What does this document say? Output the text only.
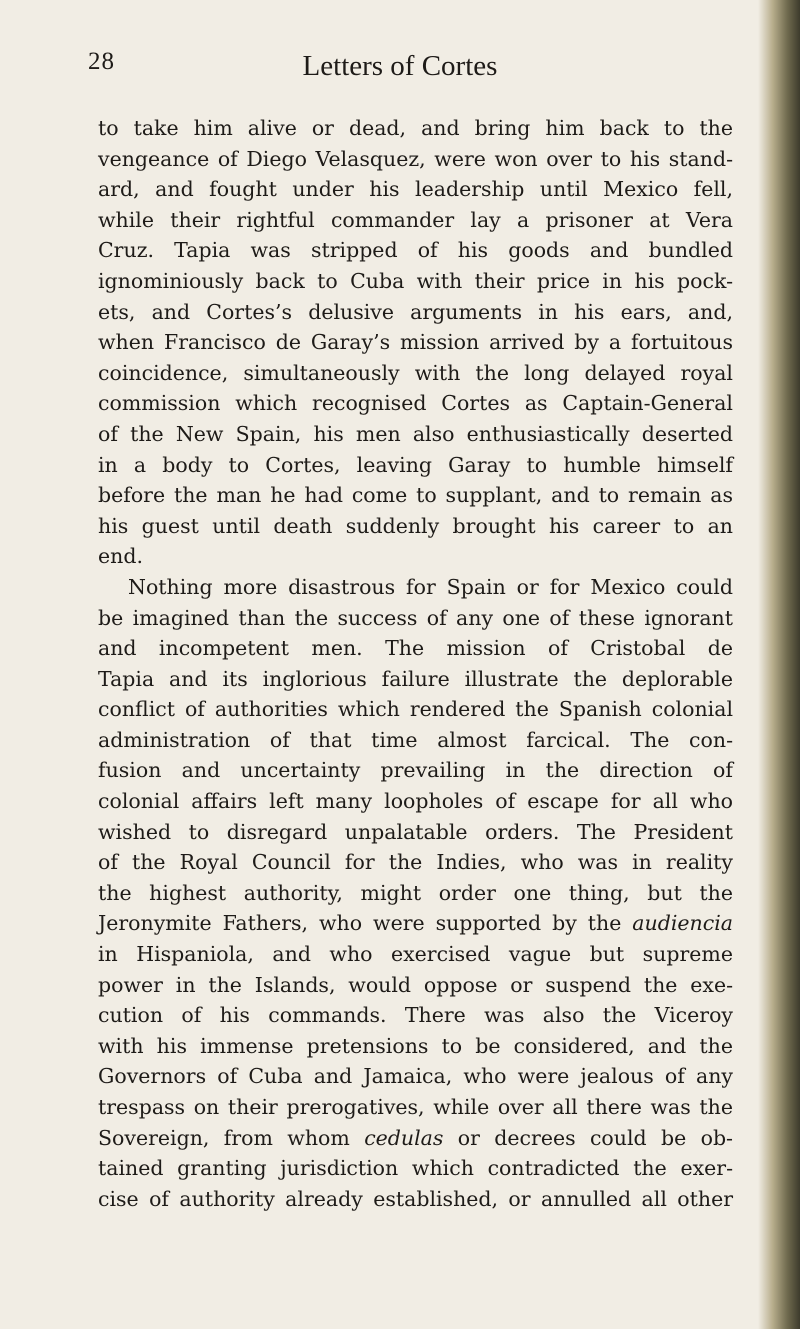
28	Letters of Cortes
to take him alive or dead, and bring him back to the
vengeance of Diego Velasquez, were won over to his stand-
ard, and fought under his leadership until Mexico fell,
while their rightful commander lay a prisoner at Vera
Cruz. Tapia was stripped of his goods and bundled
ignominiously back to Cuba with their price in his pock-
ets, and Cortes’s delusive arguments in his ears, and,
when Francisco de Garay’s mission arrived by a fortuitous
coincidence, simultaneously with the long delayed royal
commission which recognised Cortes as Captain-General
of the New Spain, his men also enthusiastically deserted
in a body to Cortes, leaving Garay to humble himself
before the man he had come to supplant, and to remain as
his guest until death suddenly brought his career to an
end.
Nothing more disastrous for Spain or for Mexico could
be imagined than the success of any one of these ignorant
and incompetent men. The mission of Cristobal de
Tapia and its inglorious failure illustrate the deplorable
conflict of authorities which rendered the Spanish colonial
administration of that time almost farcical. The con-
fusion and uncertainty prevailing in the direction of
colonial affairs left many loopholes of escape for all who
wished to disregard unpalatable orders. The President
of the Royal Council for the Indies, who was in reality
the highest authority, might order one thing, but the
Jeronymite Fathers, who were supported by the audiencia
in Hispaniola, and who exercised vague but supreme
power in the Islands, would oppose or suspend the exe-
cution of his commands. There was also the Viceroy
with his immense pretensions to be considered, and the
Governors of Cuba and Jamaica, who were jealous of any
trespass on their prerogatives, while over all there was the
Sovereign, from whom cedulas or decrees could be ob-
tained granting jurisdiction which contradicted the exer-
cise of authority already established, or annulled all other
